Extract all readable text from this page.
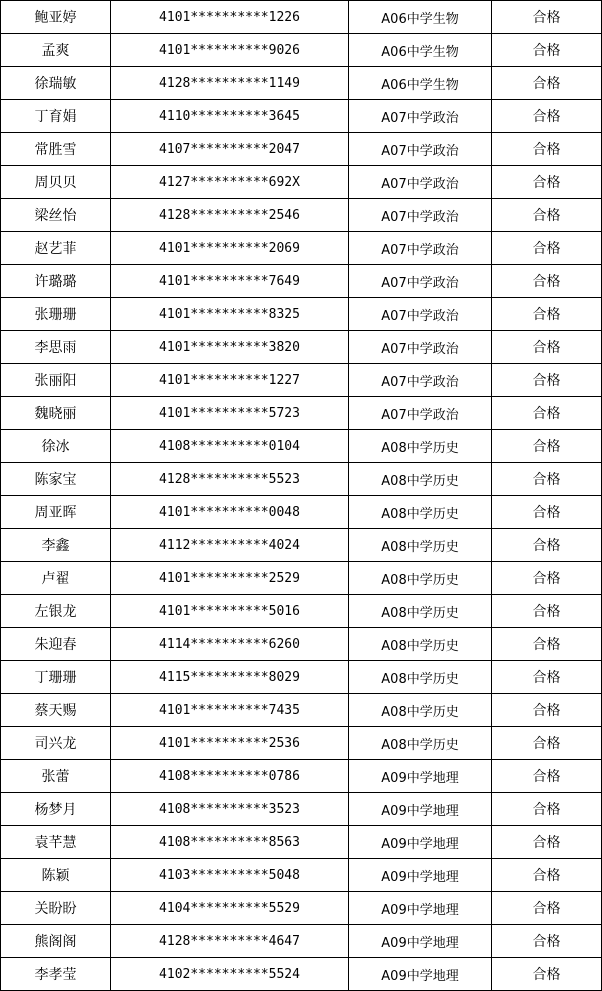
鲍亚婷	4101**********1226	A06中学生物	合格
孟爽	4101**********9026	A06中学生物	合格
徐瑞敏	4128**********1149	A06中学生物	合格
丁育娟	4110**********3645	A07中学政治	合格
常胜雪	4107**********2047	A07中学政治	合格
周贝贝	4127**********692X	A07中学政治	合格
梁丝怡	4128**********2546	A07中学政治	合格
赵艺菲	4101**********2069	A07中学政治	合格
许璐璐	4101**********7649	A07中学政治	合格
张珊珊	4101**********8325	A07中学政治	合格
李思雨	4101**********3820	A07中学政治	合格
张丽阳	4101**********1227	A07中学政治	合格
魏晓丽	4101**********5723	A07中学政治	合格
徐冰	4108**********0104	A08中学历史	合格
陈家宝	4128**********5523	A08中学历史	合格
周亚晖	4101**********0048	A08中学历史	合格
李鑫	4112**********4024	A08中学历史	合格
卢翟	4101**********2529	A08中学历史	合格
左银龙	4101**********5016	A08中学历史	合格
朱迎春	4114**********6260	A08中学历史	合格
丁珊珊	4115**********8029	A08中学历史	合格
蔡天赐	4101**********7435	A08中学历史	合格
司兴龙	4101**********2536	A08中学历史	合格
张蕾	4108**********0786	A09中学地理	合格
杨梦月	4108**********3523	A09中学地理	合格
袁芊慧	4108**********8563	A09中学地理	合格
陈颖	4103**********5048	A09中学地理	合格
关盼盼	4104**********5529	A09中学地理	合格
熊阁阁	4128**********4647	A09中学地理	合格
李孝莹	4102**********5524	A09中学地理	合格
